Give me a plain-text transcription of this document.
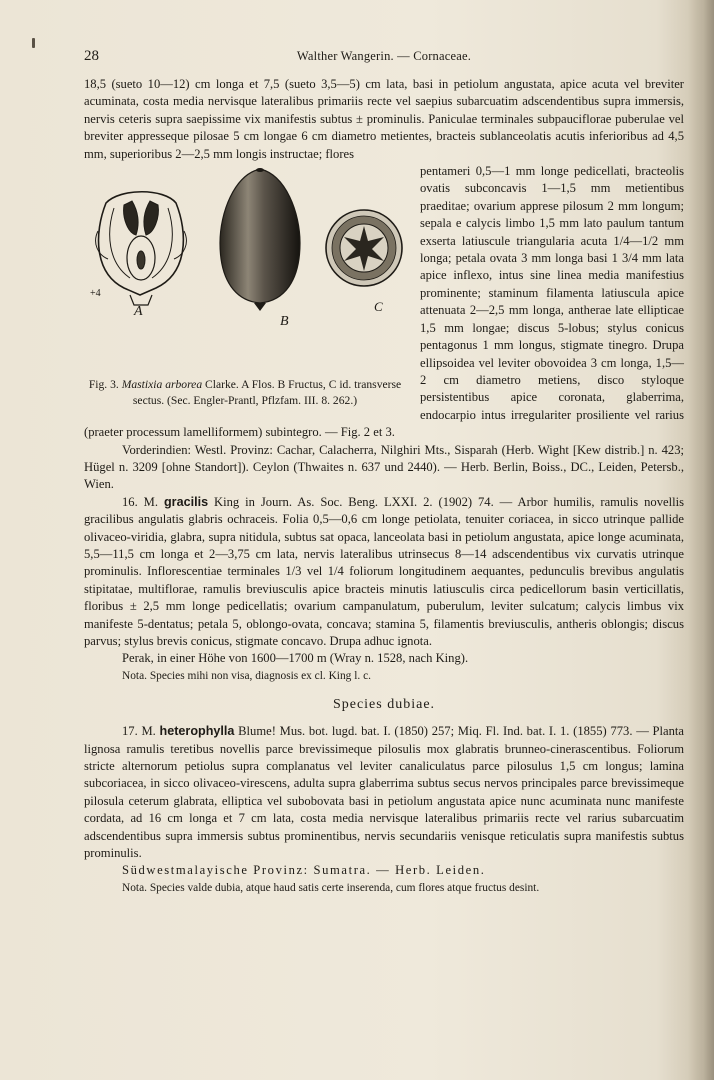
28	Walther Wangerin. — Cornaceae.

18,5 (sueto 10—12) cm longa et 7,5 (sueto 3,5—5) cm lata, basi in petiolum angustata, apice acuta vel breviter acuminata, costa media nervisque lateralibus primariis recte vel saepius subarcuatim adscendentibus supra immersis, nervis ceteris supra saepissime vix manifestis subtus ± prominulis. Paniculae terminales subpauciflorae puberulae vel breviter appresseque pilosae 5 cm longae 6 cm diametro metientes, bracteis sublanceolatis acutis inferioribus ad 4,5 mm, superioribus 2—2,5 mm longis instructae; flores

+4
A
B
C
Fig. 3. Mastixia arborea Clarke. A Flos. B Fructus, C id. transverse sectus. (Sec. Engler-Prantl, Pflzfam. III. 8. 262.)

pentameri 0,5—1 mm longe pedicellati, bracteolis ovatis subconcavis 1—1,5 mm metientibus praeditae; ovarium apprese pilosum 2 mm longum; sepala e calycis limbo 1,5 mm lato paulum tantum exserta latiuscule triangularia acuta 1/4—1/2 mm longa; petala ovata 3 mm longa basi 1 3/4 mm lata apice inflexo, intus sine linea media manifestius prominente; staminum filamenta latiuscula apice attenuata 2—2,5 mm longa, antherae late ellipticae 1,5 mm longae; discus 5-lobus; stylus conicus pentagonus 1 mm longus, stigmate tinegro. Drupa ellipsoidea vel leviter obovoidea 3 cm longa, 1,5—2 cm diametro metiens, disco styloque persistentibus apice coronata, glaberrima, endocarpio intus irregulariter prosiliente vel rarius (praeter processum lamelliformem) subintegro. — Fig. 2 et 3.

Vorderindien: Westl. Provinz: Cachar, Calacherra, Nilghiri Mts., Sisparah (Herb. Wight [Kew distrib.] n. 423; Hügel n. 3209 [ohne Standort]). Ceylon (Thwaites n. 637 und 2440). — Herb. Berlin, Boiss., DC., Leiden, Petersb., Wien.

16. M. gracilis King in Journ. As. Soc. Beng. LXXI. 2. (1902) 74. — Arbor humilis, ramulis novellis gracilibus angulatis glabris ochraceis. Folia 0,5—0,6 cm longe petiolata, tenuiter coriacea, in sicco utrinque pallide olivaceo-viridia, glabra, supra nitidula, subtus sat opaca, lanceolata basi in petiolum angustata, apice longe acuminata, 5,5—11,5 cm longa et 2—3,75 cm lata, nervis lateralibus utrinsecus 8—14 adscendentibus vix curvatis utrinque prominulis. Inflorescentiae terminales 1/3 vel 1/4 foliorum longitudinem aequantes, pedunculis brevibus angulatis stipitatae, multiflorae, ramulis breviusculis apice bracteis minutis latiusculis circa pedicellorum basin verticillatis, floribus ± 2,5 mm longe pedicellatis; ovarium campanulatum, puberulum, leviter sulcatum; calycis limbus vix manifeste 5-dentatus; petala 5, oblongo-ovata, concava; stamina 5, filamentis breviusculis, antheris oblongis; discus parvus; stylus brevis conicus, stigmate concavo. Drupa adhuc ignota.

Perak, in einer Höhe von 1600—1700 m (Wray n. 1528, nach King).

Nota. Species mihi non visa, diagnosis ex cl. King l. c.

Species dubiae.

17. M. heterophylla Blume! Mus. bot. lugd. bat. I. (1850) 257; Miq. Fl. Ind. bat. I. 1. (1855) 773. — Planta lignosa ramulis teretibus novellis parce brevissimeque pilosulis mox glabratis brunneo-cinerascentibus. Foliorum stricte alternorum petiolus supra complanatus vel leviter canaliculatus parce pilosulus 1,5 cm longus; lamina subcoriacea, in sicco olivaceo-virescens, adulta supra glaberrima subtus secus nervos principales parce brevissimeque pilosula ceterum glabrata, elliptica vel subobovata basi in petiolum angustata apice nunc acuminata nunc manifeste cordata, ad 16 cm longa et 7 cm lata, costa media nervisque lateralibus primariis recte vel rarius subarcuatim adscendentibus supra immersis subtus prominentibus, nervis secundariis venisque reticulatis supra manifestis subtus prominulis.

Südwestmalayische Provinz: Sumatra. — Herb. Leiden.

Nota. Species valde dubia, atque haud satis certe inserenda, cum flores atque fructus desint.
